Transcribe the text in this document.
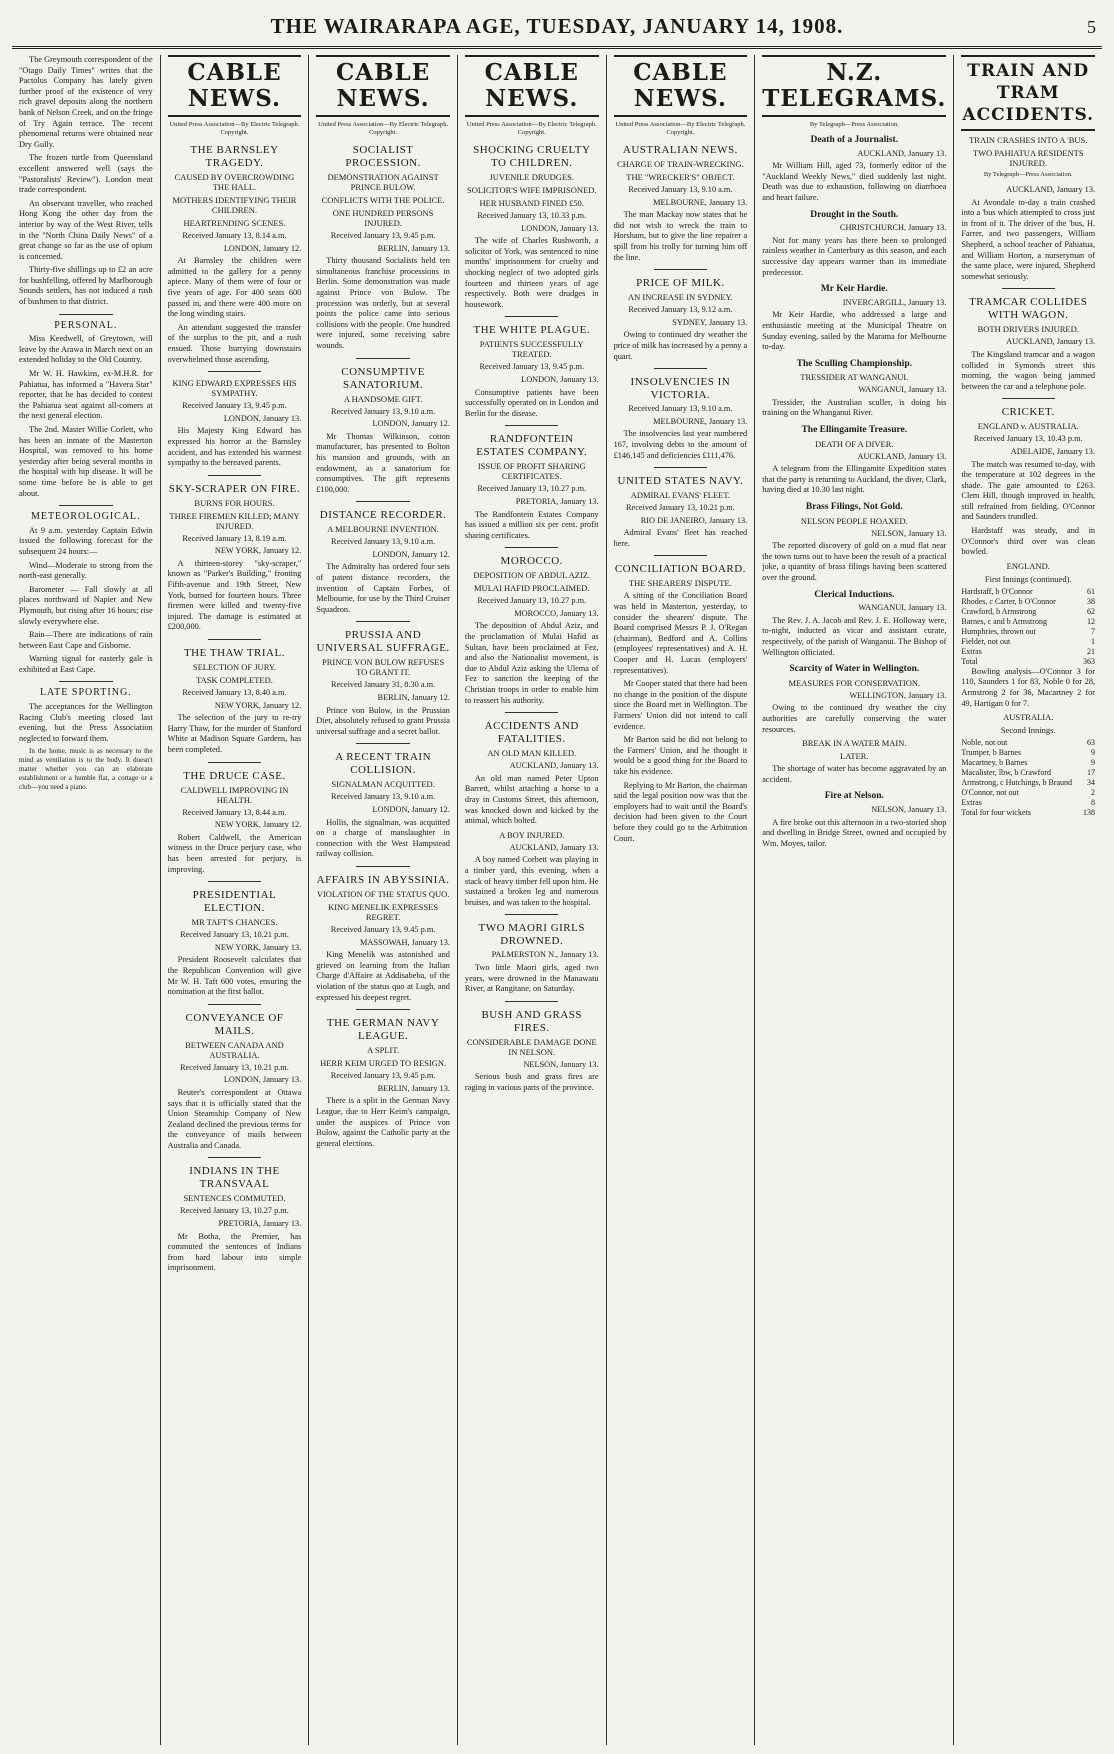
THE WAIRARAPA AGE, TUESDAY, JANUARY 14, 1908.	5

The Greymouth correspondent of the "Otago Daily Times" writes that the Pactolus Company has lately given further proof of the existence of very rich gravel deposits along the northern bank of Nelson Creek, and on the fringe of Try Again terrace. The recent phenomenal returns were obtained near Dry Gully.

The frozen turtle from Queensland excellent answered well (says the "Pastoralists' Review"). London meat trade correspondent.

An observant traveller, who reached Hong Kong the other day from the interior by way of the West River, tells in the "North China Daily News" of a great change so far as the use of opium is concerned.

Thirty-five shillings up to £2 an acre for bushfelling, offered by Marlborough Sounds settlers, has not induced a rush of bushmen to that district.

PERSONAL.

Miss Keedwell, of Greytown, will leave by the Arawa in March next on an extended holiday to the Old Country.

Mr W. H. Hawkins, ex-M.H.R. for Pahiatua, has informed a "Havera Star" reporter, that he has decided to contest the Pahiatua seat against all-comers at the next general election.

The 2nd. Master Willie Corlett, who has been an inmate of the Masterton Hospital, was removed to his home yesterday after being several months in the hospital with hip disease. It will be some time before he is able to get about.

METEOROLOGICAL.

At 9 a.m. yesterday Captain Edwin issued the following forecast for the subsequent 24 hours:—

Wind—Moderate to strong from the north-east generally.

Barometer — Fall slowly at all places northward of Napier and New Plymouth, but rising after 16 hours; rise slowly everywhere else.

Rain—There are indications of rain between East Cape and Gisborne.

Warning signal for easterly gale is exhibited at East Cape.

LATE SPORTING.

The acceptances for the Wellington Racing Club's meeting closed last evening, but the Press Association neglected to forward them.

In the home, music is as necessary to the mind as ventilation is to the body. It doesn't matter whether you can an elaborate establishment or a humble flat, a cottage or a club—you need a piano.

CABLE NEWS.
United Press Association—By Electric Telegraph. Copyright.
THE BARNSLEY TRAGEDY.
CAUSED BY OVERCROWDING THE HALL.
MOTHERS IDENTIFYING THEIR CHILDREN.
HEARTRENDING SCENES.
Received January 13, 8.14 a.m.
LONDON, January 12.

At Barnsley the children were admitted to the gallery for a penny apiece. Many of them were of four or five years of age. For 400 seats 600 passed in, and there were 400 more on the long winding stairs.

An attendant suggested the transfer of the surplus to the pit, and a rush ensued. Those hurrying downstairs overwhelmed those ascending.

KING EDWARD EXPRESSES HIS SYMPATHY.
Received January 13, 9.45 p.m.
LONDON, January 13.

His Majesty King Edward has expressed his horror at the Barnsley accident, and has extended his warmest sympathy to the bereaved parents.

SKY-SCRAPER ON FIRE.
BURNS FOR HOURS.
THREE FIREMEN KILLED; MANY INJURED.
Received January 13, 8.19 a.m.
NEW YORK, January 12.

A thirteen-storey "sky-scraper," known as "Parker's Building," fronting Fifth-avenue and 19th Street, New York, burned for fourteen hours. Three firemen were killed and twenty-five injured. The damage is estimated at £200,000.

THE THAW TRIAL.
SELECTION OF JURY.
TASK COMPLETED.
Received January 13, 8.40 a.m.
NEW YORK, January 12.

The selection of the jury to re-try Harry Thaw, for the murder of Stanford White at Madison Square Gardens, has been completed.

THE DRUCE CASE.
CALDWELL IMPROVING IN HEALTH.
Received January 13, 8.44 a.m.
NEW YORK, January 12.

Robert Caldwell, the American witness in the Druce perjury case, who has been arrested for perjury, is improving.

PRESIDENTIAL ELECTION.
MR TAFT'S CHANCES.
Received January 13, 10.21 p.m.
NEW YORK, January 13.

President Roosevelt calculates that the Republican Convention will give Mr W. H. Taft 600 votes, ensuring the nomination at the first ballot.

CONVEYANCE OF MAILS.
BETWEEN CANADA AND AUSTRALIA.
Received January 13, 10.21 p.m.
LONDON, January 13.

Reuter's correspondent at Ottawa says that it is officially stated that the Union Steamship Company of New Zealand declined the previous terms for the conveyance of mails between Australia and Canada.

INDIANS IN THE TRANSVAAL
SENTENCES COMMUTED.
Received January 13, 10.27 p.m.
PRETORIA, January 13.

Mr Botha, the Premier, has commuted the sentences of Indians from hard labour into simple imprisonment.

CABLE NEWS.
United Press Association—By Electric Telegraph. Copyright.
SOCIALIST PROCESSION.
DEMONSTRATION AGAINST PRINCE BULOW.
CONFLICTS WITH THE POLICE.
ONE HUNDRED PERSONS INJURED.
Received January 13, 9.45 p.m.
BERLIN, January 13.

Thirty thousand Socialists held ten simultaneous franchise processions in Berlin. Some demonstration was made against Prince von Bulow. The procession was orderly, but at several points the police came into serious collisions with the people. One hundred were injured, some receiving sabre wounds.

CONSUMPTIVE SANATORIUM.
A HANDSOME GIFT.
Received January 13, 9.10 a.m.
LONDON, January 12.

Mr Thomas Wilkinson, cotton manufacturer, has presented to Bolton his mansion and grounds, with an endowment, as a sanatorium for consumptives. The gift represents £100,000.

DISTANCE RECORDER.
A MELBOURNE INVENTION.
Received January 13, 9.10 a.m.
LONDON, January 12.

The Admiralty has ordered four sets of patent distance recorders, the invention of Captain Forbes, of Melbourne, for use by the Third Cruiser Squadron.

PRUSSIA AND UNIVERSAL SUFFRAGE.
PRINCE VON BULOW REFUSES TO GRANT IT.
Received January 31, 8.30 a.m.
BERLIN, January 12.

Prince von Bulow, in the Prussian Diet, absolutely refused to grant Prussia universal suffrage and a secret ballot.

A RECENT TRAIN COLLISION.
SIGNALMAN ACQUITTED.
Received January 13, 9.10 a.m.
LONDON, January 12.

Hollis, the signalman, was acquitted on a charge of manslaughter in connection with the West Hampstead railway collision.

AFFAIRS IN ABYSSINIA.
VIOLATION OF THE STATUS QUO.
KING MENELIK EXPRESSES REGRET.
Received January 13, 9.45 p.m.
MASSOWAH, January 13.

King Menelik was astonished and grieved on learning from the Italian Charge d'Affaire at Addisabeba, of the violation of the status quo at Lugh, and expressed his deepest regret.

THE GERMAN NAVY LEAGUE.
A SPLIT.
HERR KEIM URGED TO RESIGN.
Received January 13, 9.45 p.m.
BERLIN, January 13.

There is a split in the German Navy League, due to Herr Keim's campaign, under the auspices of Prince von Bulow, against the Catholic party at the general elections.

CABLE NEWS.
United Press Association—By Electric Telegraph. Copyright.
SHOCKING CRUELTY TO CHILDREN.
JUVENILE DRUDGES.
SOLICITOR'S WIFE IMPRISONED.
HER HUSBAND FINED £50.
Received January 13, 10.33 p.m.
LONDON, January 13.

The wife of Charles Rushworth, a solicitor of York, was sentenced to nine months' imprisonment for cruelty and shocking neglect of two adopted girls fourteen and thirteen years of age respectively. Both were drudges in housework.

THE WHITE PLAGUE.
PATIENTS SUCCESSFULLY TREATED.
Received January 13, 9.45 p.m.
LONDON, January 13.

Consumptive patients have been successfully operated on in London and Berlin for the disease.

RANDFONTEIN ESTATES COMPANY.
ISSUE OF PROFIT SHARING CERTIFICATES.
Received January 13, 10.27 p.m.
PRETORIA, January 13.

The Randfontein Estates Company has issued a million six per cent. profit sharing certificates.

MOROCCO.
DEPOSITION OF ABDUL AZIZ.
MULAI HAFID PROCLAIMED.
Received January 13, 10.27 p.m.
MOROCCO, January 13.

The deposition of Abdul Aziz, and the proclamation of Mulai Hafid as Sultan, have been proclaimed at Fez, and also the Nationalist movement, is due to Abdul Aziz asking the Ulema of Fez to sanction the keeping of the Christian troops in order to enable him to reassert his authority.

ACCIDENTS AND FATALITIES.
AN OLD MAN KILLED.
AUCKLAND, January 13.

An old man named Peter Upton Barrett, whilst attaching a horse to a dray in Customs Street, this afternoon, was knocked down and kicked by the animal, which bolted.

A BOY INJURED.
AUCKLAND, January 13.

A boy named Corbett was playing in a timber yard, this evening, when a stack of heavy timber fell upon him. He sustained a broken leg and numerous bruises, and was taken to the hospital.

TWO MAORI GIRLS DROWNED.
PALMERSTON N., January 13.

Two little Maori girls, aged two years, were drowned in the Manawatu River, at Rangitane, on Saturday.

BUSH AND GRASS FIRES.
CONSIDERABLE DAMAGE DONE IN NELSON.
NELSON, January 13.

Serious bush and grass fires are raging in various parts of the province.

CABLE NEWS.
United Press Association—By Electric Telegraph. Copyright.
AUSTRALIAN NEWS.
CHARGE OF TRAIN-WRECKING.
THE "WRECKER'S" OBJECT.
Received January 13, 9.10 a.m.
MELBOURNE, January 13.

The man Mackay now states that he did not wish to wreck the train to Horsham, but to give the line repairer a spill from his trolly for turning him off the line.

PRICE OF MILK.
AN INCREASE IN SYDNEY.
Received January 13, 9.12 a.m.
SYDNEY, January 13.

Owing to continued dry weather the price of milk has increased by a penny a quart.

INSOLVENCIES IN VICTORIA.
Received January 13, 9.10 a.m.
MELBOURNE, January 13.

The insolvencies last year numbered 167, involving debts to the amount of £146,145 and deficiencies £111,476.

UNITED STATES NAVY.
ADMIRAL EVANS' FLEET.
Received January 13, 10.21 p.m.
RIO DE JANEIRO, January 13.

Admiral Evans' fleet has reached here.

CONCILIATION BOARD.
THE SHEARERS' DISPUTE.

A sitting of the Conciliation Board was held in Masterton, yesterday, to consider the shearers' dispute. The Board comprised Messrs P. J. O'Regan (chairman), Bedford and A. Collins (employees' representatives) and A. H. Cooper and H. Lucas (employers' representatives).

Mr Cooper stated that there had been no change in the position of the dispute since the Board met in Wellington. The Farmers' Union did not intend to call evidence.

Mr Barton said he did not belong to the Farmers' Union, and he thought it would be a good thing for the Board to take his evidence.

Replying to Mr Barton, the chairman said the legal position now was that the employers had to wait until the Board's decision had been given to the Court before they could go to the Arbitration Court.

N.Z. TELEGRAMS.
By Telegraph—Press Association.
Death of a Journalist.
AUCKLAND, January 13.

Mr William Hill, aged 73, formerly editor of the "Auckland Weekly News," died suddenly last night. Death was due to exhaustion, following on diarrhoea and heart failure.

Drought in the South.
CHRISTCHURCH, January 13.

Not for many years has there been so prolonged rainless weather in Canterbury as this season, and each successive day appears warmer than its immediate predecessor.

Mr Keir Hardie.
INVERCARGILL, January 13.

Mr Keir Hardie, who addressed a large and enthusiastic meeting at the Municipal Theatre on Sunday evening, sailed by the Marama for Melbourne to-day.

The Sculling Championship.
TRESSIDER AT WANGANUI.
WANGANUI, January 13.

Tressider, the Australian sculler, is doing his training on the Whanganui River.

The Ellingamite Treasure.
DEATH OF A DIVER.
AUCKLAND, January 13.

A telegram from the Ellingamite Expedition states that the party is returning to Auckland, the diver, Clark, having died at 10.30 last night.

Brass Filings, Not Gold.
NELSON PEOPLE HOAXED.
NELSON, January 13.

The reported discovery of gold on a mud flat near the town turns out to have been the result of a practical joke, a quantity of brass filings having been scattered over the ground.

Clerical Inductions.
WANGANUI, January 13.

The Rev. J. A. Jacob and Rev. J. E. Holloway were, to-night, inducted as vicar and assistant curate, respectively, of the parish of Wanganui. The Bishop of Wellington officiated.

Scarcity of Water in Wellington.
MEASURES FOR CONSERVATION.
WELLINGTON, January 13.

Owing to the continued dry weather the city authorities are carefully conserving the water resources.

BREAK IN A WATER MAIN.
LATER.

The shortage of water has become aggravated by an accident.

Fire at Nelson.
NELSON, January 13.

A fire broke out this afternoon in a two-storied shop and dwelling in Bridge Street, owned and occupied by Wm. Moyes, tailor.

TRAIN AND TRAM ACCIDENTS.
TRAIN CRASHES INTO A 'BUS.
TWO PAHIATUA RESIDENTS INJURED.
By Telegraph—Press Association.
AUCKLAND, January 13.

At Avondale to-day a train crashed into a 'bus which attempted to cross just in front of it. The driver of the 'bus, H. Farrer, and two passengers, William Shepherd, a school teacher of Pahiatua, and William Horton, a nurseryman of the same place, were injured, Shepherd somewhat seriously.

TRAMCAR COLLIDES WITH WAGON.
BOTH DRIVERS INJURED.
AUCKLAND, January 13.

The Kingsland tramcar and a wagon collided in Symonds street this morning, the wagon being jammed between the car and a telephone pole.

CRICKET.
ENGLAND v. AUSTRALIA.
Received January 13, 10.43 p.m.
ADELAIDE, January 13.

The match was resumed to-day, with the temperature at 102 degrees in the shade. The gate amounted to £263. Clem Hill, though improved in health, still refrained from fielding. O'Connor and Saunders trundled.

Hardstaff was steady, and in O'Connor's third over was clean bowled.

ENGLAND.
First Innings (continued).
Hardstaff, b O'Connor	61
Rhodes, c Carter, b O'Connor	38
Crawford, b Armstrong	62
Barnes, c and b Armstrong	12
Humphries, thrown out	7
Fielder, not out	1
Extras	21
Total	363

Bowling analysis—O'Connor 3 for 110, Saunders 1 for 83, Noble 0 for 28, Armstrong 2 for 36, Macartney 2 for 49, Hartigan 0 for 7.

AUSTRALIA.
Second Innings.
Noble, not out	63
Trumper, b Barnes	9
Macartney, b Barnes	9
Macalister, lbw, b Crawford	17
Armstrong, c Hutchings, b Braund 34
O'Connor, not out	2
Extras	8
Total for four wickets	138
